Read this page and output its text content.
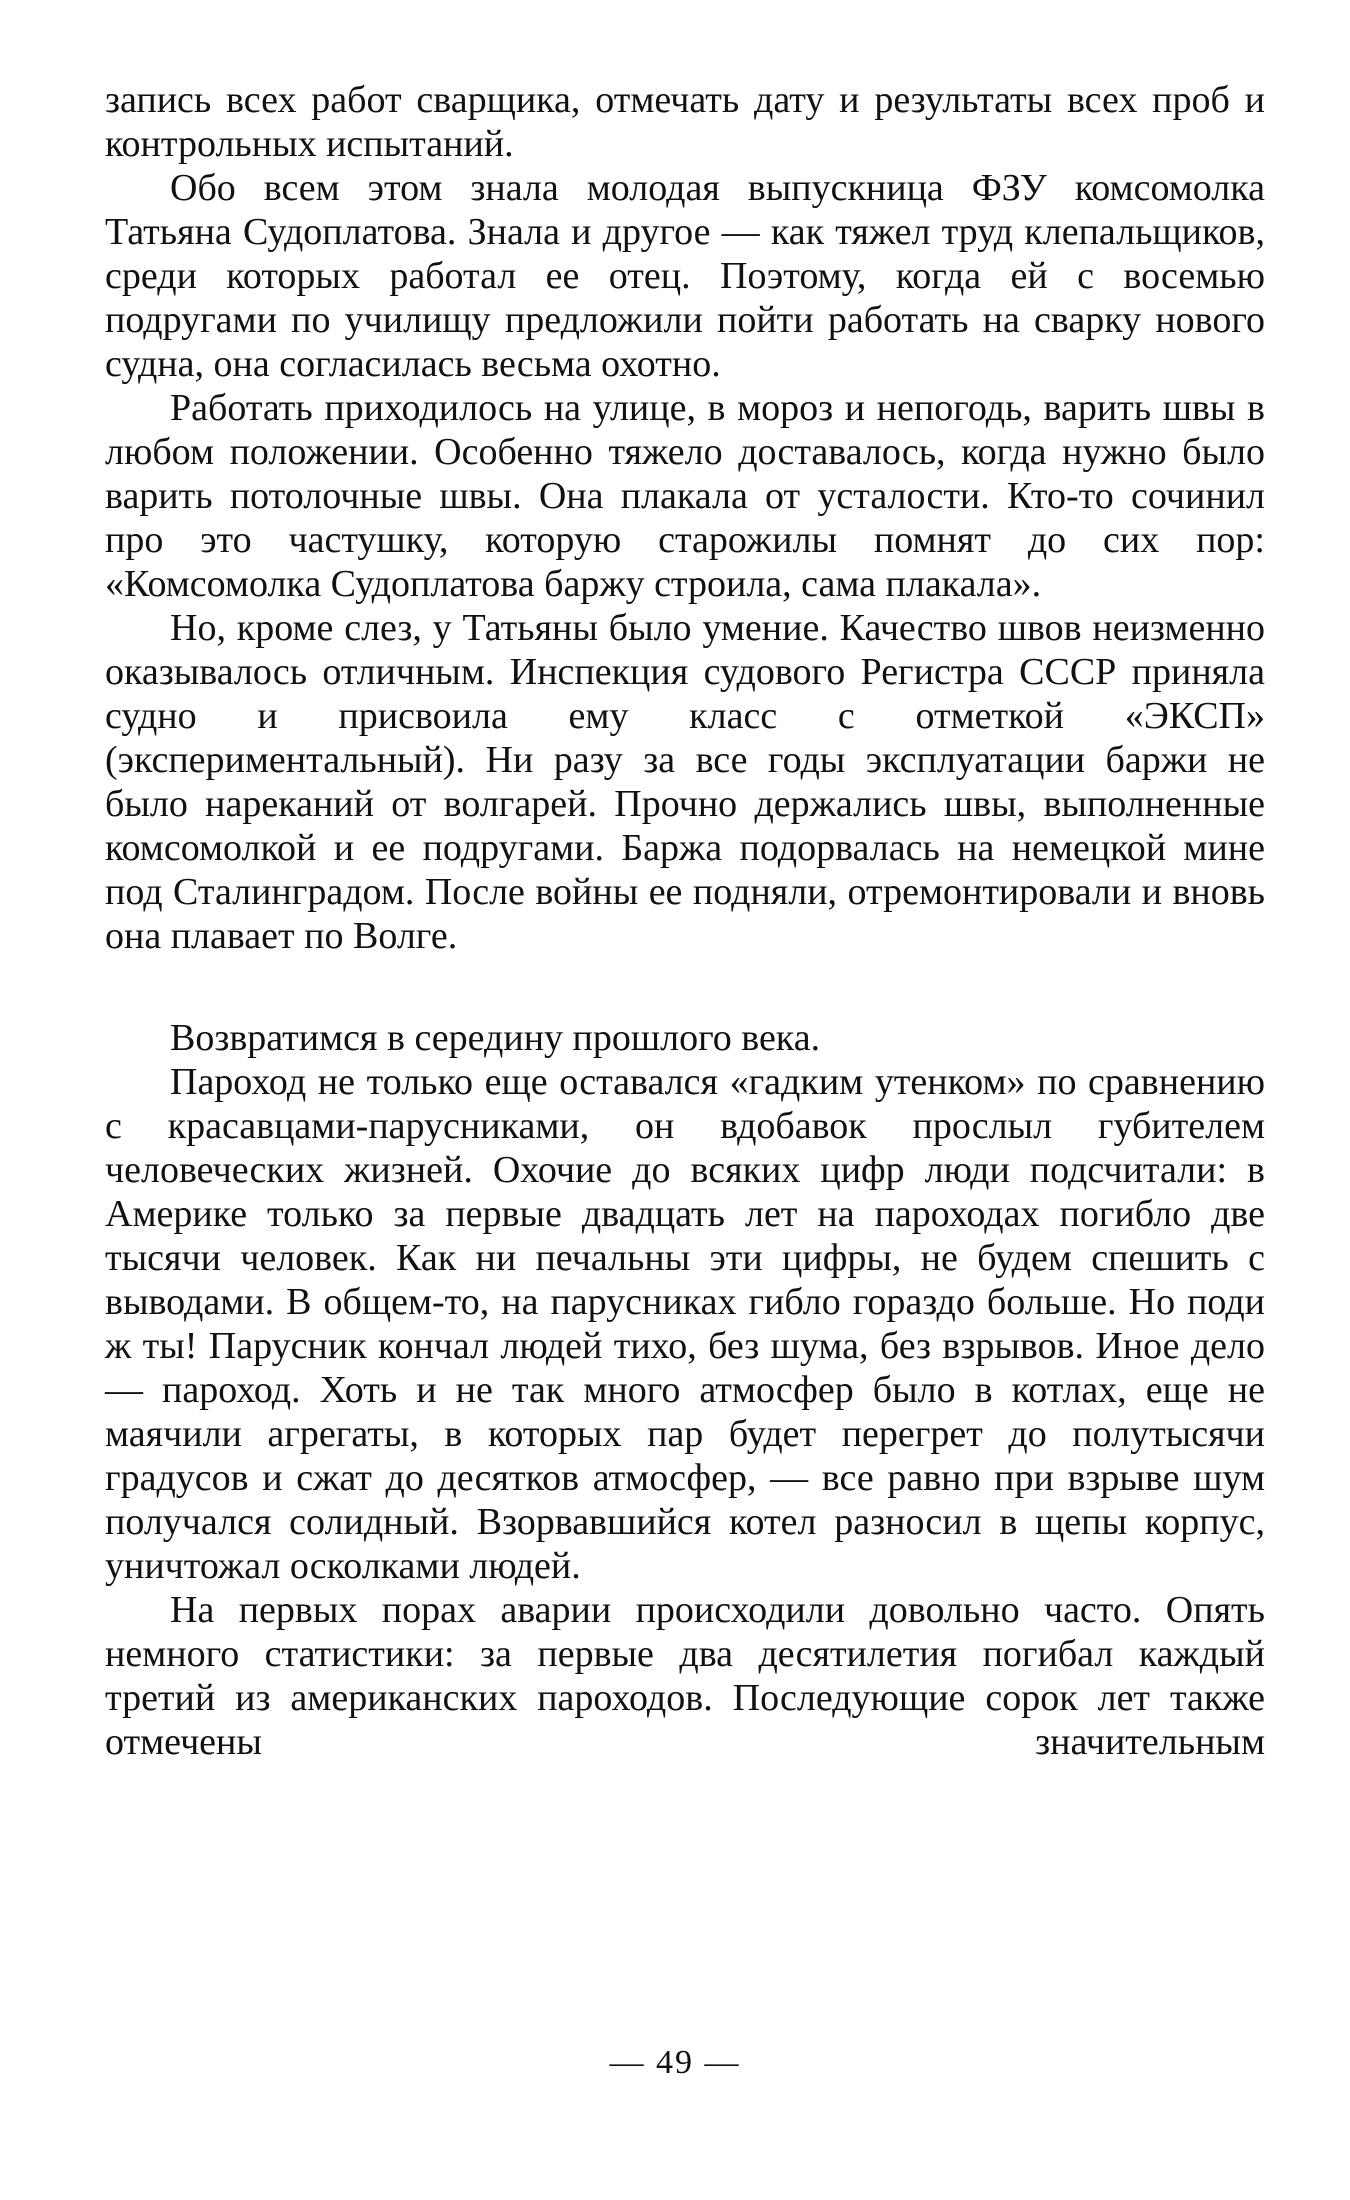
запись всех работ сварщика, отмечать дату и результаты всех проб и контрольных испытаний.

Обо всем этом знала молодая выпускница ФЗУ комсомолка Татьяна Судоплатова. Знала и другое — как тяжел труд клепальщиков, среди которых работал ее отец. Поэтому, когда ей с восемью подругами по училищу предложили пойти работать на сварку нового судна, она согласилась весьма охотно.

Работать приходилось на улице, в мороз и непогодь, варить швы в любом положении. Особенно тяжело доставалось, когда нужно было варить потолочные швы. Она плакала от усталости. Кто-то сочинил про это частушку, которую старожилы помнят до сих пор: «Комсомолка Судоплатова баржу строила, сама плакала».

Но, кроме слез, у Татьяны было умение. Качество швов неизменно оказывалось отличным. Инспекция судового Регистра СССР приняла судно и присвоила ему класс с отметкой «ЭКСП» (экспериментальный). Ни разу за все годы эксплуатации баржи не было нареканий от волгарей. Прочно держались швы, выполненные комсомолкой и ее подругами. Баржа подорвалась на немецкой мине под Сталинградом. После войны ее подняли, отремонтировали и вновь она плавает по Волге.

Возвратимся в середину прошлого века.

Пароход не только еще оставался «гадким утенком» по сравнению с красавцами-парусниками, он вдобавок прослыл губителем человеческих жизней. Охочие до всяких цифр люди подсчитали: в Америке только за первые двадцать лет на пароходах погибло две тысячи человек. Как ни печальны эти цифры, не будем спешить с выводами. В общем-то, на парусниках гибло гораздо больше. Но поди ж ты! Парусник кончал людей тихо, без шума, без взрывов. Иное дело — пароход. Хоть и не так много атмосфер было в котлах, еще не маячили агрегаты, в которых пар будет перегрет до полутысячи градусов и сжат до десятков атмосфер, — все равно при взрыве шум получался солидный. Взорвавшийся котел разносил в щепы корпус, уничтожал осколками людей.

На первых порах аварии происходили довольно часто. Опять немного статистики: за первые два десятилетия погибал каждый третий из американских пароходов. Последующие сорок лет также отмечены значительным

— 49 —
